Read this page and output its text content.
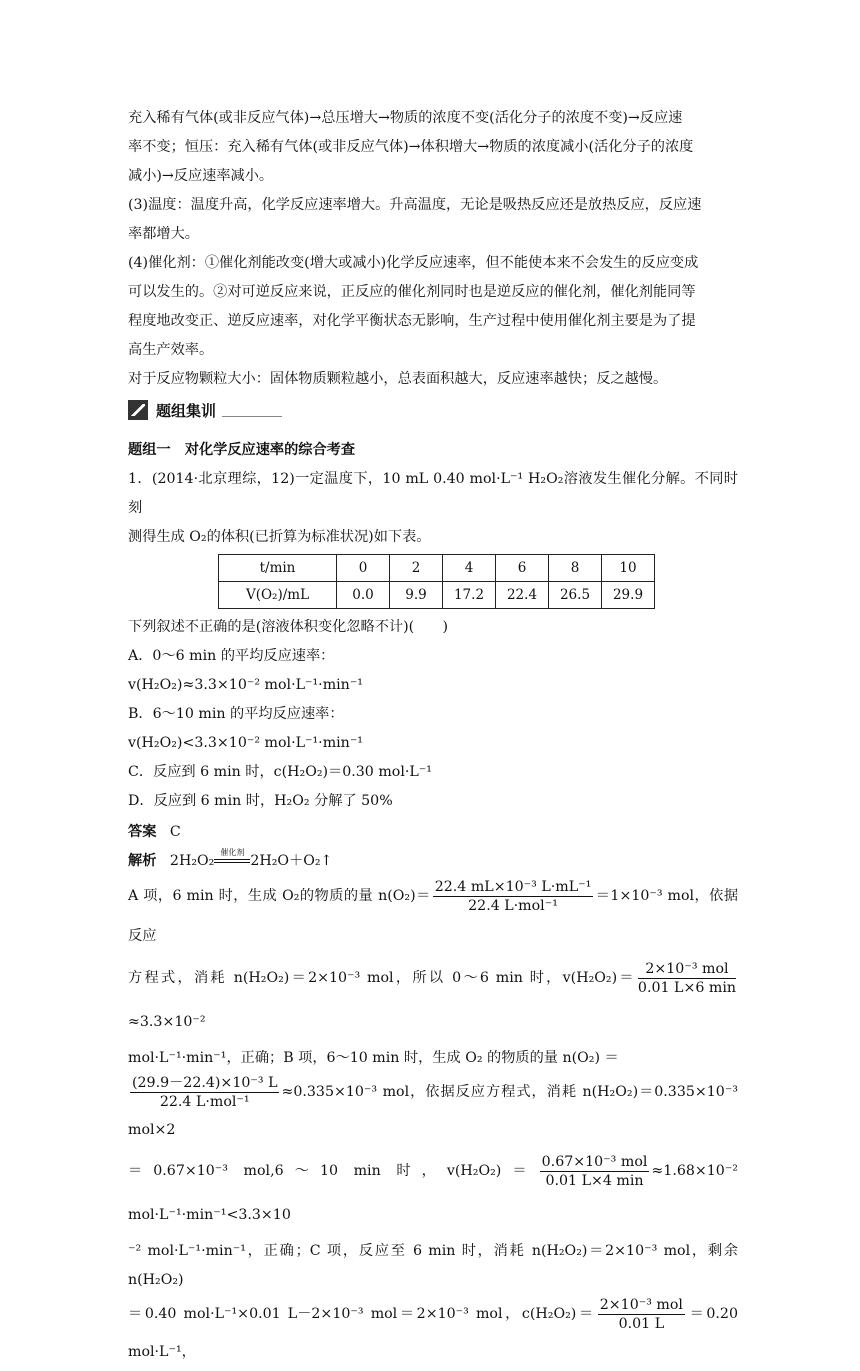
充入稀有气体(或非反应气体)→总压增大→物质的浓度不变(活化分子的浓度不变)→反应速

率不变；恒压：充入稀有气体(或非反应气体)→体积增大→物质的浓度减小(活化分子的浓度

减小)→反应速率减小。

(3)温度：温度升高，化学反应速率增大。升高温度，无论是吸热反应还是放热反应，反应速

率都增大。

(4)催化剂：①催化剂能改变(增大或减小)化学反应速率，但不能使本来不会发生的反应变成

可以发生的。②对可逆反应来说，正反应的催化剂同时也是逆反应的催化剂，催化剂能同等

程度地改变正、逆反应速率，对化学平衡状态无影响，生产过程中使用催化剂主要是为了提

高生产效率。

对于反应物颗粒大小：固体物质颗粒越小，总表面积越大，反应速率越快；反之越慢。

题组集训

题组一　对化学反应速率的综合考查

1．(2014·北京理综，12)一定温度下，10 mL 0.40 mol·L⁻¹ H₂O₂溶液发生催化分解。不同时刻

测得生成 O₂的体积(已折算为标准状况)如下表。

t/min	0	2	4	6	8	10
V(O₂)/mL	0.0	9.9	17.2	22.4	26.5	29.9

下列叙述不正确的是(溶液体积变化忽略不计)(　　)

A．0～6 min 的平均反应速率：

v(H₂O₂)≈3.3×10⁻² mol·L⁻¹·min⁻¹

B．6～10 min 的平均反应速率：

v(H₂O₂)<3.3×10⁻² mol·L⁻¹·min⁻¹

C．反应到 6 min 时，c(H₂O₂)＝0.30 mol·L⁻¹

D．反应到 6 min 时，H₂O₂ 分解了 50%

答案 C

解析 2H₂O₂
催化剂
2H₂O＋O₂↑

A 项，6 min 时，生成 O₂的物质的量 $n(O_2)= \frac{\text{22.4 mL×10⁻³ L·mL⁻¹}}{\text{22.4 L·mol⁻¹}} =1\times 10^{-3}$ mol，依据反应

方程式，消耗 n(H₂O₂)＝2×10⁻³ mol，所以 0～6 min 时，$v(H_2O_2)= \frac{\text{2×10⁻³ mol}}{0.01 L\times 6 \min}$
≈3.3×10⁻²

mol·L⁻¹·min⁻¹，正确；B 项，6～10 min 时，生成 O₂ 的物质的量 n(O₂) ＝

$\frac{\text{(29.9－22.4)×10⁻³ L}}{\text{22.4 L·mol⁻¹}} \approx 0.335\times 10^{-3}$ mol，依据反应方程式，消耗 n(H₂O₂)＝0.335×10⁻³ mol×2

＝0.67×10⁻³ mol,6～10 min 时，$v(H_2O_2)= \frac{\text{0.67×10⁻³ mol}}{0.01 L\times 4 \min} \approx 1.68\times 10^{-2}$ mol·L⁻¹·min⁻¹<3.3×10

⁻² mol·L⁻¹·min⁻¹，正确；C 项，反应至 6 min 时，消耗 n(H₂O₂)＝2×10⁻³ mol，剩余 n(H₂O₂)

＝0.40 mol·L⁻¹×0.01 L－2×10⁻³ mol＝2×10⁻³ mol，$c(H_2O_2)= \frac{\text{2×10⁻³ mol}}{0.01 L} =0.20$ mol·L⁻¹，
